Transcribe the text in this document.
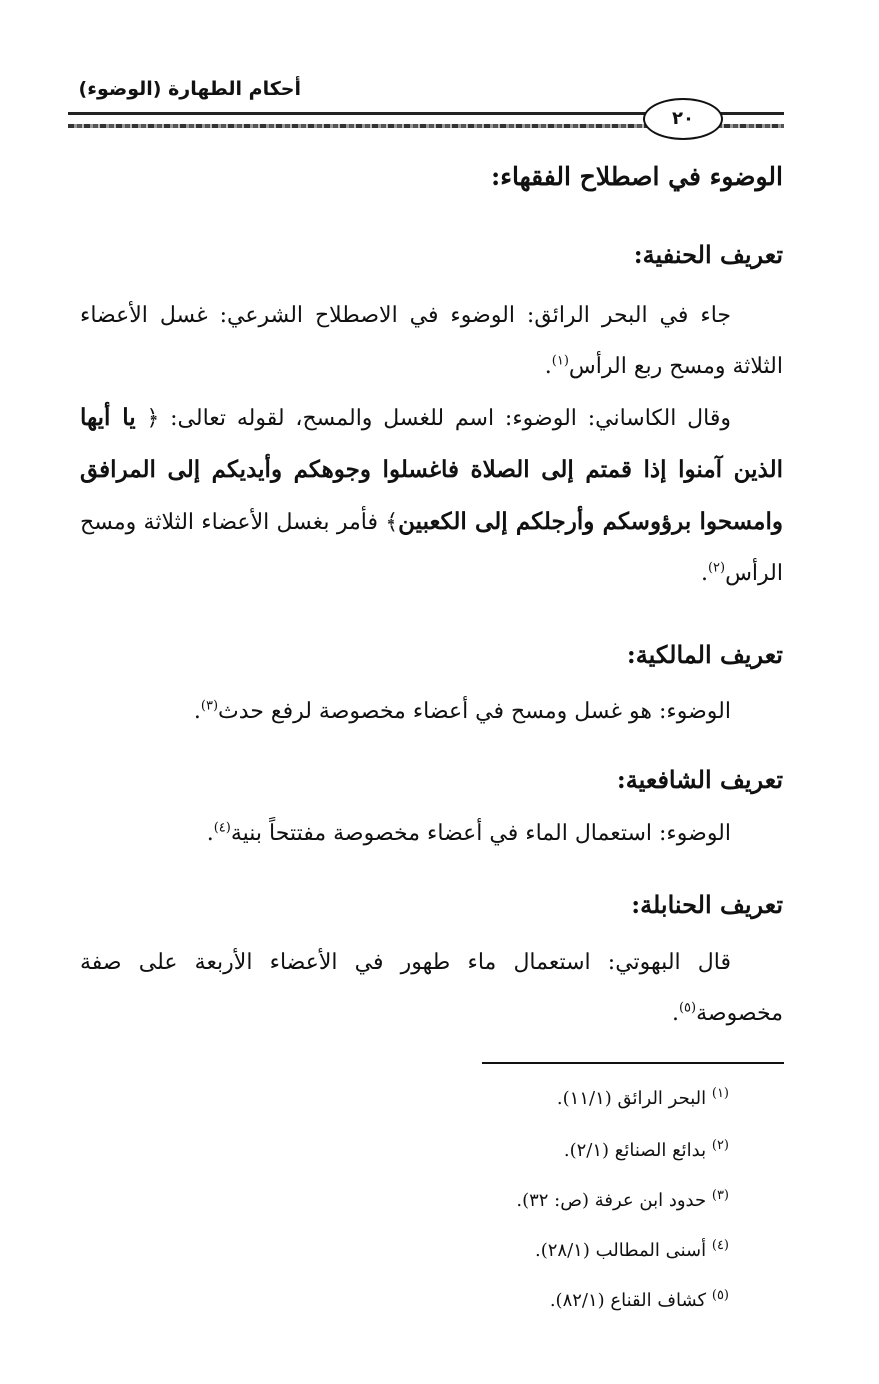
أحكام الطهارة (الوضوء)
٢٠
الوضوء في اصطلاح الفقهاء:
تعريف الحنفية:
جاء في البحر الرائق: الوضوء في الاصطلاح الشرعي: غسل الأعضاء الثلاثة ومسح ربع الرأس$^{(١)}$.
وقال الكاساني: الوضوء: اسم للغسل والمسح، لقوله تعالى: ﴿ يا أيها الذين آمنوا إذا قمتم إلى الصلاة فاغسلوا وجوهكم وأيديكم إلى المرافق وامسحوا برؤوسكم وأرجلكم إلى الكعبين﴾ فأمر بغسل الأعضاء الثلاثة ومسح الرأس$^{(٢)}$.
تعريف المالكية:
الوضوء: هو غسل ومسح في أعضاء مخصوصة لرفع حدث$^{(٣)}$.
تعريف الشافعية:
الوضوء: استعمال الماء في أعضاء مخصوصة مفتتحاً بنية$^{(٤)}$.
تعريف الحنابلة:
قال البهوتي: استعمال ماء طهور في الأعضاء الأربعة على صفة مخصوصة$^{(٥)}$.
$^{(١)}$ البحر الرائق (١١/١).
$^{(٢)}$ بدائع الصنائع (٢/١).
$^{(٣)}$ حدود ابن عرفة (ص: ٣٢).
$^{(٤)}$ أسنى المطالب (٢٨/١).
$^{(٥)}$ كشاف القناع (٨٢/١).
